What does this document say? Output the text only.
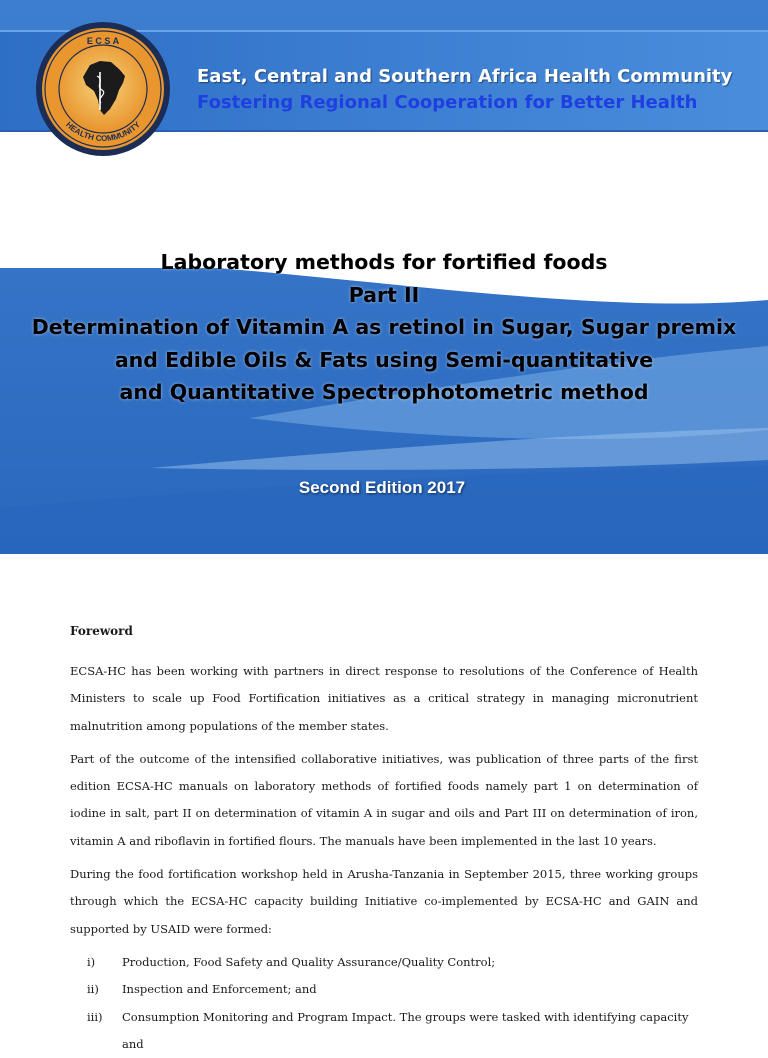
E C S A
HEALTH COMMUNITY

East, Central and Southern Africa Health Community

Fostering Regional Cooperation for Better Health

Laboratory methods for fortified foods
Part II
Determination of Vitamin A as retinol in Sugar, Sugar premix
and Edible Oils & Fats using Semi-quantitative
and Quantitative Spectrophotometric method

Second Edition 2017

Foreword

ECSA-HC has been working with partners in direct response to resolutions of the Conference of Health Ministers to scale up Food Fortification initiatives as a critical strategy in managing micronutrient malnutrition among populations of the member states.

Part of the outcome of the intensified collaborative initiatives, was publication of three parts of the first edition ECSA-HC manuals on laboratory methods of fortified foods namely part 1 on determination of iodine in salt, part II on determination of vitamin A in sugar and oils and Part III on determination of iron, vitamin A and riboflavin in fortified flours. The manuals have been implemented in the last 10 years.

During the food fortification workshop held in Arusha-Tanzania in September 2015, three working groups through which the ECSA-HC capacity building Initiative co-implemented by ECSA-HC and GAIN and supported by USAID were formed:

i)	Production, Food Safety and Quality Assurance/Quality Control;
ii)	Inspection and Enforcement; and
iii)	Consumption Monitoring and Program Impact. The groups were tasked with identifying capacity and
